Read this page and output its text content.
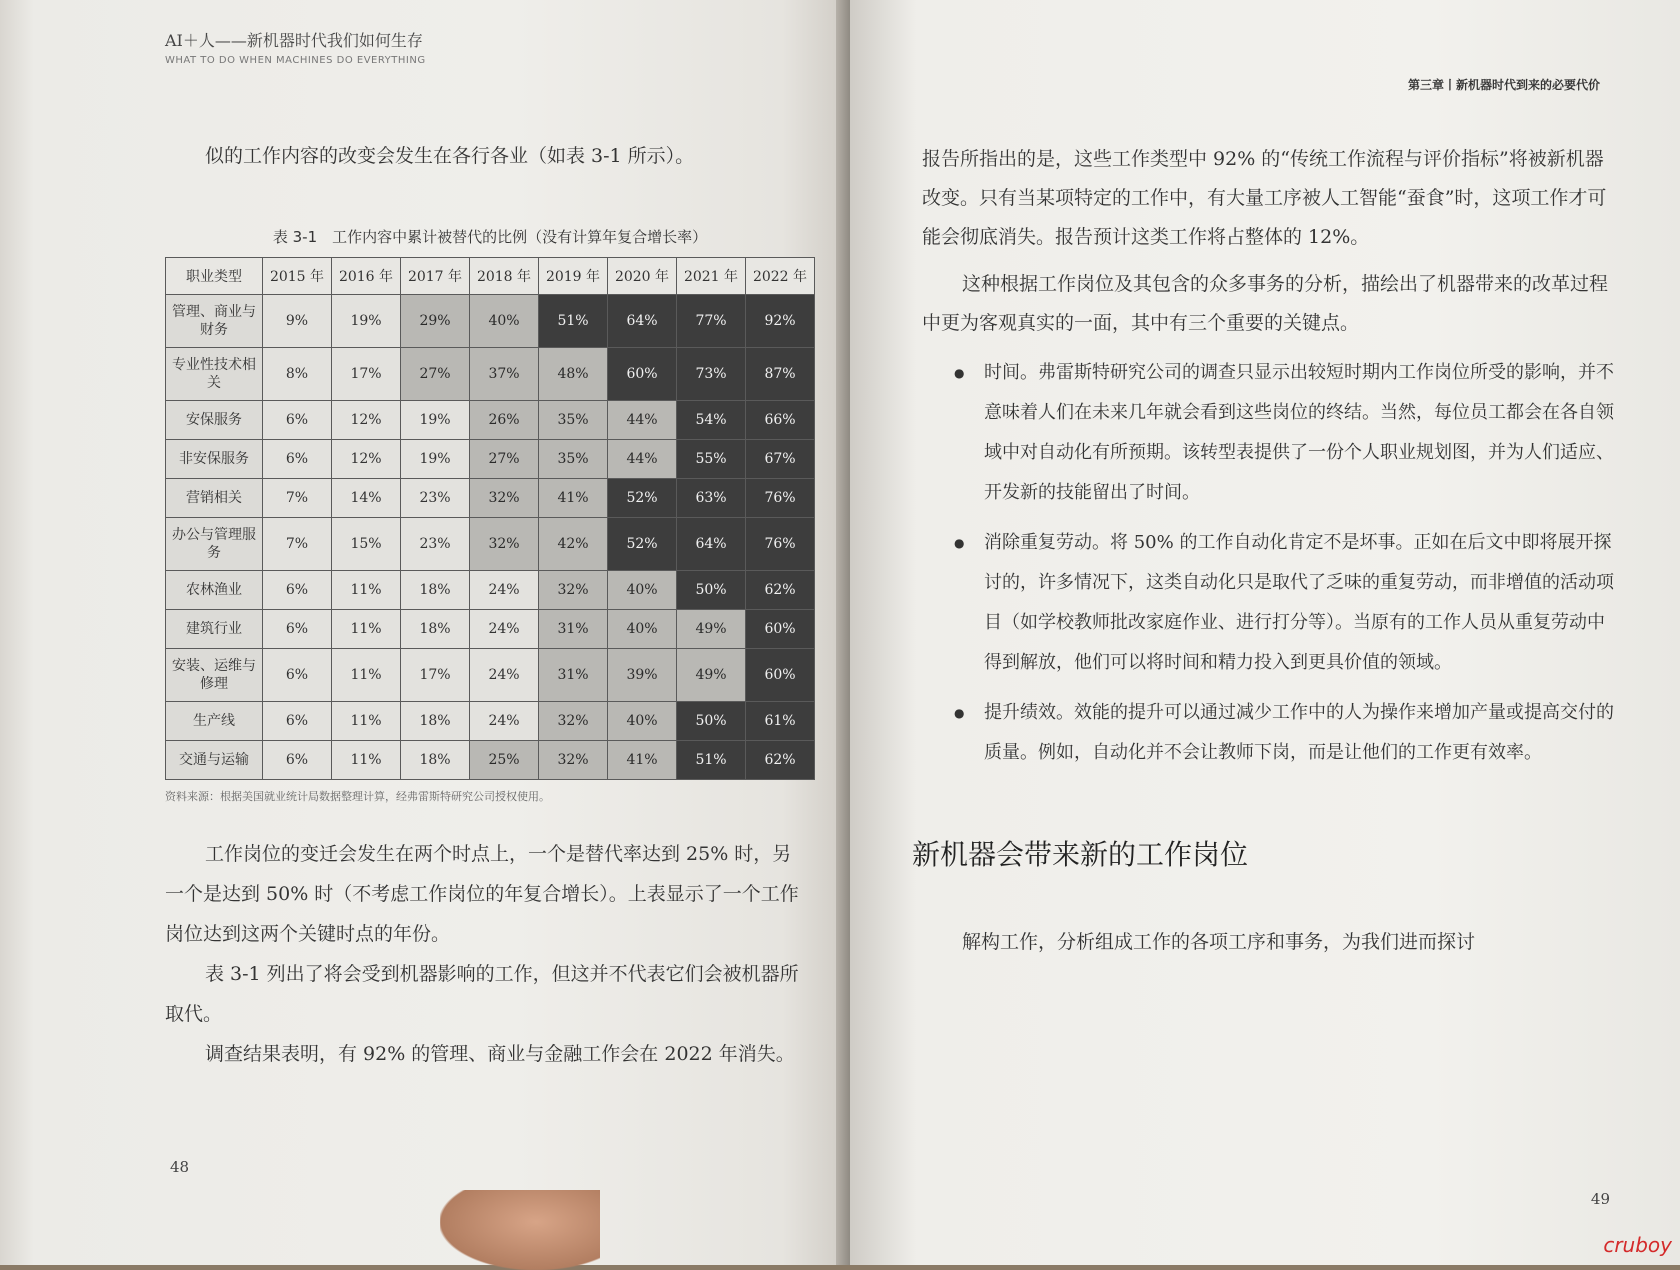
AI＋人——新机器时代我们如何生存
WHAT TO DO WHEN MACHINES DO EVERYTHING

似的工作内容的改变会发生在各行各业（如表 3-1 所示）。

表 3-1　工作内容中累计被替代的比例（没有计算年复合增长率）
职业类型	2015 年	2016 年	2017 年	2018 年	2019 年	2020 年	2021 年	2022 年
管理、商业与财务	9%	19%	29%	40%	51%	64%	77%	92%
专业性技术相关	8%	17%	27%	37%	48%	60%	73%	87%
安保服务	6%	12%	19%	26%	35%	44%	54%	66%
非安保服务	6%	12%	19%	27%	35%	44%	55%	67%
营销相关	7%	14%	23%	32%	41%	52%	63%	76%
办公与管理服务	7%	15%	23%	32%	42%	52%	64%	76%
农林渔业	6%	11%	18%	24%	32%	40%	50%	62%
建筑行业	6%	11%	18%	24%	31%	40%	49%	60%
安装、运维与修理	6%	11%	17%	24%	31%	39%	49%	60%
生产线	6%	11%	18%	24%	32%	40%	50%	61%
交通与运输	6%	11%	18%	25%	32%	41%	51%	62%
资料来源：根据美国就业统计局数据整理计算，经弗雷斯特研究公司授权使用。

工作岗位的变迁会发生在两个时点上，一个是替代率达到 25% 时，另一个是达到 50% 时（不考虑工作岗位的年复合增长）。上表显示了一个工作岗位达到这两个关键时点的年份。

表 3-1 列出了将会受到机器影响的工作，但这并不代表它们会被机器所取代。

调查结果表明，有 92% 的管理、商业与金融工作会在 2022 年消失。

48
第三章丨新机器时代到来的必要代价

报告所指出的是，这些工作类型中 92% 的“传统工作流程与评价指标”将被新机器改变。只有当某项特定的工作中，有大量工序被人工智能“蚕食”时，这项工作才可能会彻底消失。报告预计这类工作将占整体的 12%。

这种根据工作岗位及其包含的众多事务的分析，描绘出了机器带来的改革过程中更为客观真实的一面，其中有三个重要的关键点。

● 时间。弗雷斯特研究公司的调查只显示出较短时期内工作岗位所受的影响，并不意味着人们在未来几年就会看到这些岗位的终结。当然，每位员工都会在各自领域中对自动化有所预期。该转型表提供了一份个人职业规划图，并为人们适应、开发新的技能留出了时间。
● 消除重复劳动。将 50% 的工作自动化肯定不是坏事。正如在后文中即将展开探讨的，许多情况下，这类自动化只是取代了乏味的重复劳动，而非增值的活动项目（如学校教师批改家庭作业、进行打分等）。当原有的工作人员从重复劳动中得到解放，他们可以将时间和精力投入到更具价值的领域。
● 提升绩效。效能的提升可以通过减少工作中的人为操作来增加产量或提高交付的质量。例如，自动化并不会让教师下岗，而是让他们的工作更有效率。
新机器会带来新的工作岗位

解构工作，分析组成工作的各项工序和事务，为我们进而探讨

49
cruboy
